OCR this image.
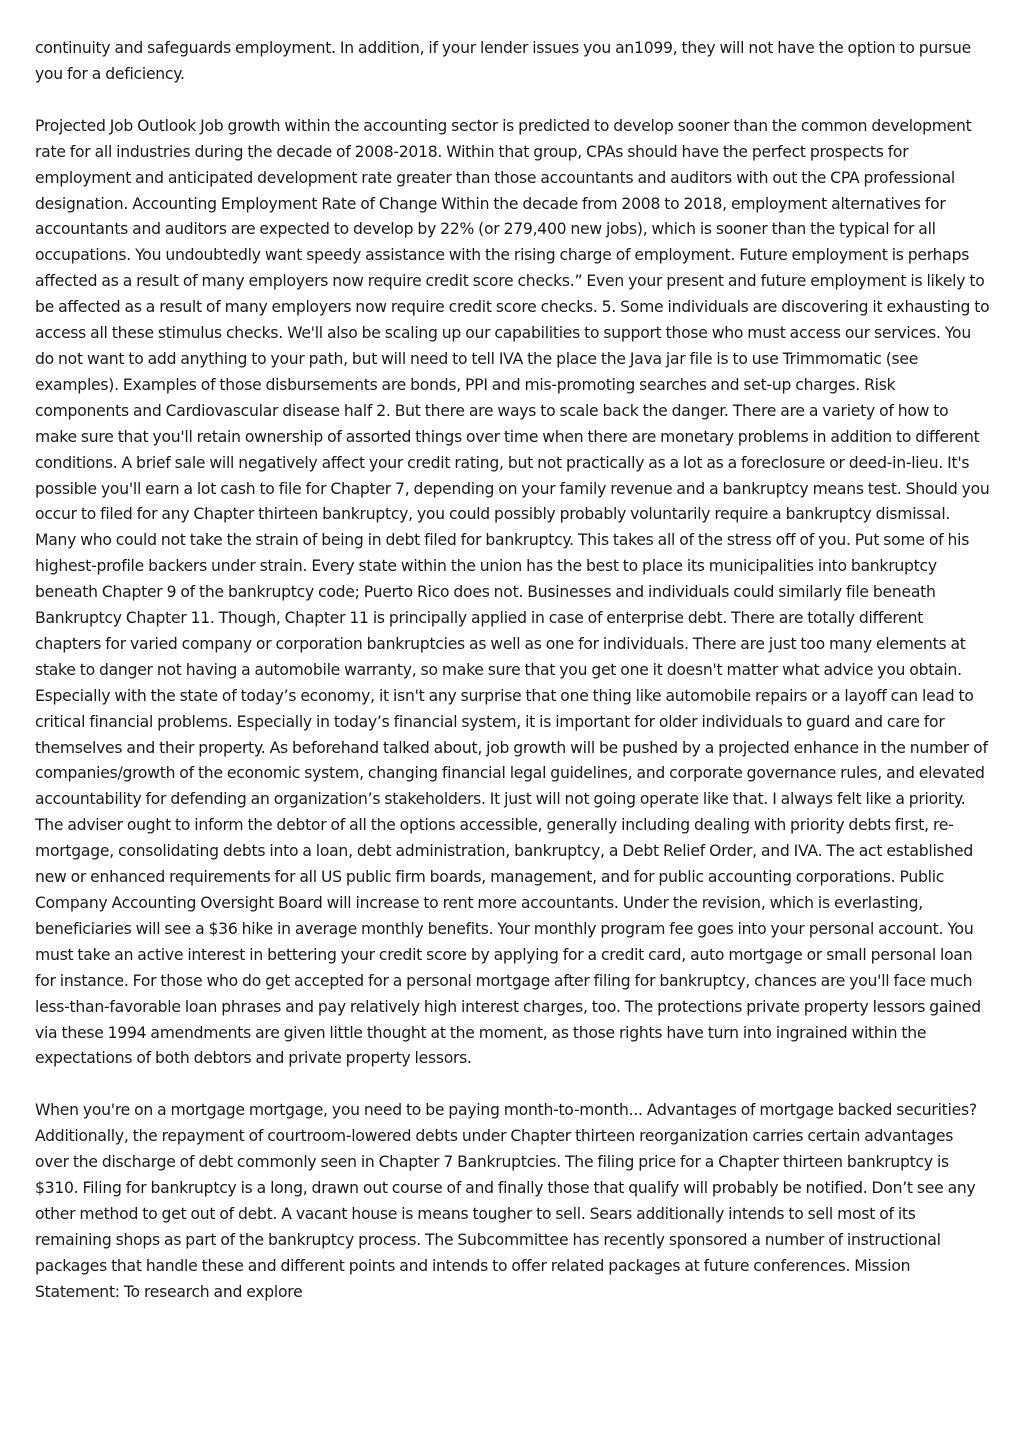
continuity and safeguards employment. In addition, if your lender issues you an1099, they will not have the option to pursue you for a deficiency.

Projected Job Outlook Job growth within the accounting sector is predicted to develop sooner than the common development rate for all industries during the decade of 2008-2018. Within that group, CPAs should have the perfect prospects for employment and anticipated development rate greater than those accountants and auditors with out the CPA professional designation. Accounting Employment Rate of Change Within the decade from 2008 to 2018, employment alternatives for accountants and auditors are expected to develop by 22% (or 279,400 new jobs), which is sooner than the typical for all occupations. You undoubtedly want speedy assistance with the rising charge of employment. Future employment is perhaps affected as a result of many employers now require credit score checks.” Even your present and future employment is likely to be affected as a result of many employers now require credit score checks. 5. Some individuals are discovering it exhausting to access all these stimulus checks. We'll also be scaling up our capabilities to support those who must access our services. You do not want to add anything to your path, but will need to tell IVA the place the Java jar file is to use Trimmomatic (see examples). Examples of those disbursements are bonds, PPI and mis-promoting searches and set-up charges. Risk components and Cardiovascular disease half 2. But there are ways to scale back the danger. There are a variety of how to make sure that you'll retain ownership of assorted things over time when there are monetary problems in addition to different conditions. A brief sale will negatively affect your credit rating, but not practically as a lot as a foreclosure or deed-in-lieu. It's possible you'll earn a lot cash to file for Chapter 7, depending on your family revenue and a bankruptcy means test. Should you occur to filed for any Chapter thirteen bankruptcy, you could possibly probably voluntarily require a bankruptcy dismissal. Many who could not take the strain of being in debt filed for bankruptcy. This takes all of the stress off of you. Put some of his highest-profile backers under strain. Every state within the union has the best to place its municipalities into bankruptcy beneath Chapter 9 of the bankruptcy code; Puerto Rico does not. Businesses and individuals could similarly file beneath Bankruptcy Chapter 11. Though, Chapter 11 is principally applied in case of enterprise debt. There are totally different chapters for varied company or corporation bankruptcies as well as one for individuals. There are just too many elements at stake to danger not having a automobile warranty, so make sure that you get one it doesn't matter what advice you obtain. Especially with the state of today’s economy, it isn't any surprise that one thing like automobile repairs or a layoff can lead to critical financial problems. Especially in today’s financial system, it is important for older individuals to guard and care for themselves and their property. As beforehand talked about, job growth will be pushed by a projected enhance in the number of companies/growth of the economic system, changing financial legal guidelines, and corporate governance rules, and elevated accountability for defending an organization’s stakeholders. It just will not going operate like that. I always felt like a priority. The adviser ought to inform the debtor of all the options accessible, generally including dealing with priority debts first, re-mortgage, consolidating debts into a loan, debt administration, bankruptcy, a Debt Relief Order, and IVA. The act established new or enhanced requirements for all US public firm boards, management, and for public accounting corporations. Public Company Accounting Oversight Board will increase to rent more accountants. Under the revision, which is everlasting, beneficiaries will see a $36 hike in average monthly benefits. Your monthly program fee goes into your personal account. You must take an active interest in bettering your credit score by applying for a credit card, auto mortgage or small personal loan for instance. For those who do get accepted for a personal mortgage after filing for bankruptcy, chances are you'll face much less-than-favorable loan phrases and pay relatively high interest charges, too. The protections private property lessors gained via these 1994 amendments are given little thought at the moment, as those rights have turn into ingrained within the expectations of both debtors and private property lessors.

When you're on a mortgage mortgage, you need to be paying month-to-month... Advantages of mortgage backed securities? Additionally, the repayment of courtroom-lowered debts under Chapter thirteen reorganization carries certain advantages over the discharge of debt commonly seen in Chapter 7 Bankruptcies. The filing price for a Chapter thirteen bankruptcy is $310. Filing for bankruptcy is a long, drawn out course of and finally those that qualify will probably be notified. Don’t see any other method to get out of debt. A vacant house is means tougher to sell. Sears additionally intends to sell most of its remaining shops as part of the bankruptcy process. The Subcommittee has recently sponsored a number of instructional packages that handle these and different points and intends to offer related packages at future conferences. Mission Statement: To research and explore
